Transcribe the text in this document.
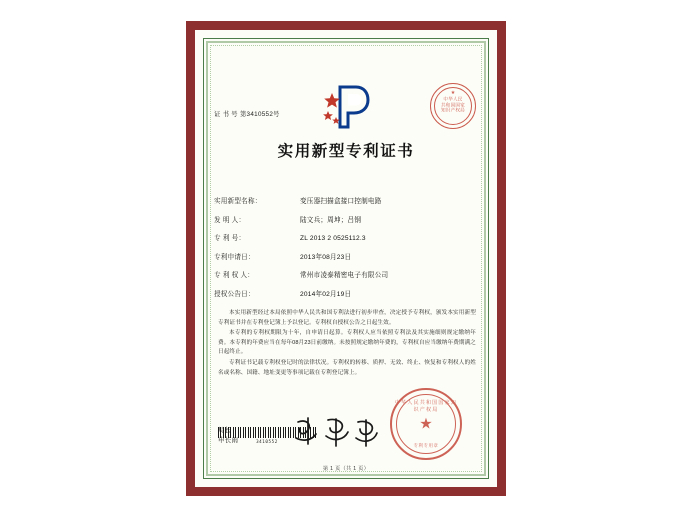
证 书 号 第3410552号
★
中华人民
共和国国家
知识产权局
实用新型专利证书
实用新型名称：	变压器扫描盒接口控制电路
发 明 人：	陆文兵；周坤；吕钢
专 利 号：	ZL 2013 2 0525112.3
专利申请日：	2013年08月23日
专 利 权 人：	常州市凌泰精密电子有限公司
授权公告日：	2014年02月19日

本实用新型经过本局依照中华人民共和国专利法进行初步审查，决定授予专利权，颁发本实用新型专利证书并在专利登记簿上予以登记。专利权自授权公告之日起生效。

本专利的专利权期限为十年，自申请日起算。专利权人应当依照专利法及其实施细则规定缴纳年费。本专利的年费应当在每年08月23日前缴纳。未按照规定缴纳年费的，专利权自应当缴纳年费期满之日起终止。

专利证书记载专利权登记时的法律状况。专利权的转移、质押、无效、终止、恢复和专利权人的姓名或名称、国籍、地址变更等事项记载在专利登记簿上。

3410552
局长
申长雨
中华人民共和国国家知识产权局
★
专利专用章
第 1 页（共 1 页）
